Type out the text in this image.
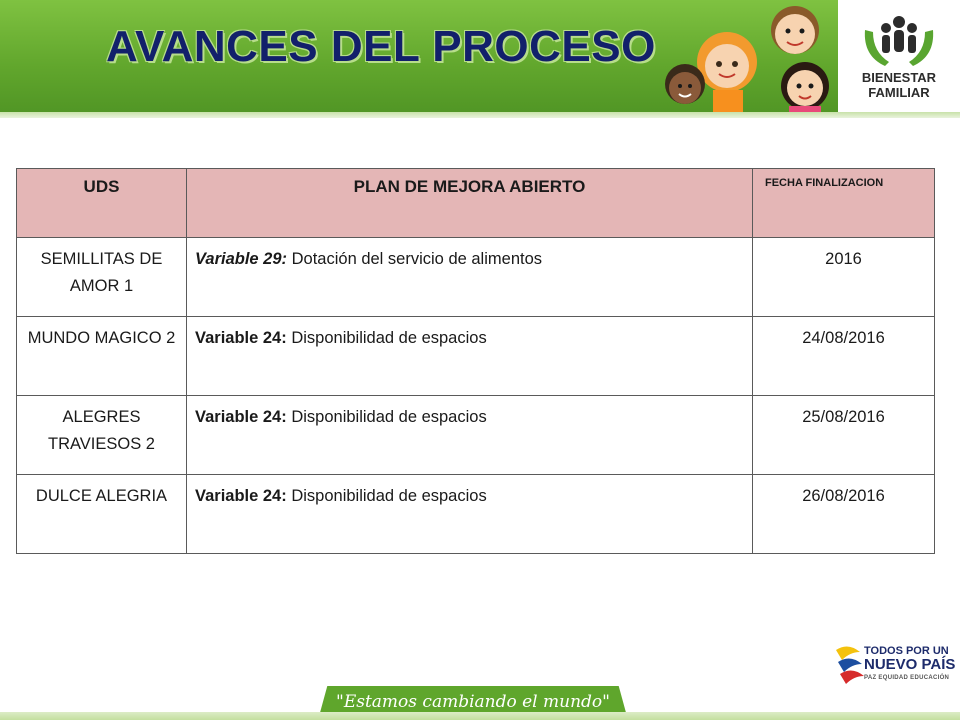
AVANCES DEL PROCESO
BIENESTAR
FAMILIAR
UDS	PLAN DE MEJORA ABIERTO	FECHA FINALIZACION
SEMILLITAS DE AMOR 1	Variable 29: Dotación del servicio de alimentos	2016
MUNDO MAGICO 2	Variable 24: Disponibilidad de espacios	24/08/2016
ALEGRES TRAVIESOS 2	Variable 24: Disponibilidad de espacios	25/08/2016
DULCE ALEGRIA	Variable 24: Disponibilidad de espacios	26/08/2016
TODOS POR UN
NUEVO PAÍS
PAZ EQUIDAD EDUCACIÓN
"Estamos cambiando el mundo"
